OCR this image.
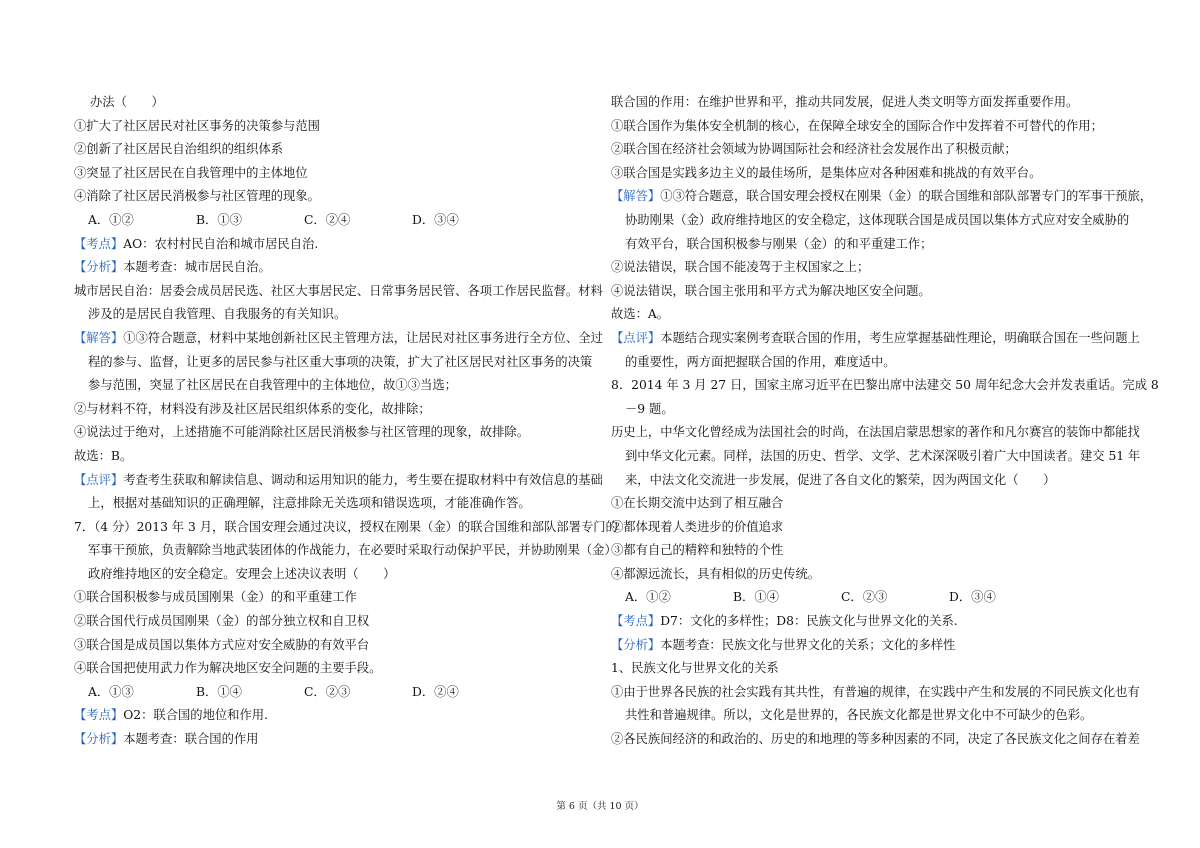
办法（　　）
①扩大了社区居民对社区事务的决策参与范围
②创新了社区居民自治组织的组织体系
③突显了社区居民在自我管理中的主体地位
④消除了社区居民消极参与社区管理的现象。
A．①②	B．①③	C．②④	D．③④
【考点】AO：农村村民自治和城市居民自治.
【分析】本题考查：城市居民自治。
城市居民自治：居委会成员居民选、社区大事居民定、日常事务居民管、各项工作居民监督。材料
涉及的是居民自我管理、自我服务的有关知识。
【解答】①③符合题意，材料中某地创新社区民主管理方法，让居民对社区事务进行全方位、全过
程的参与、监督，让更多的居民参与社区重大事项的决策，扩大了社区居民对社区事务的决策
参与范围，突显了社区居民在自我管理中的主体地位，故①③当选；
②与材料不符，材料没有涉及社区居民组织体系的变化，故排除；
④说法过于绝对，上述措施不可能消除社区居民消极参与社区管理的现象，故排除。
故选：B。
【点评】考查考生获取和解读信息、调动和运用知识的能力，考生要在提取材料中有效信息的基础
上，根据对基础知识的正确理解，注意排除无关选项和错误选项，才能准确作答。
7．（4 分）2013 年 3 月，联合国安理会通过决议，授权在刚果（金）的联合国维和部队部署专门的
军事干预旅，负责解除当地武装团体的作战能力，在必要时采取行动保护平民，并协助刚果（金）
政府维持地区的安全稳定。安理会上述决议表明（　　）
①联合国积极参与成员国刚果（金）的和平重建工作
②联合国代行成员国刚果（金）的部分独立权和自卫权
③联合国是成员国以集体方式应对安全威胁的有效平台
④联合国把使用武力作为解决地区安全问题的主要手段。
A．①③	B．①④	C．②③	D．②④
【考点】O2：联合国的地位和作用.
【分析】本题考查：联合国的作用
联合国的作用：在维护世界和平，推动共同发展，促进人类文明等方面发挥重要作用。
①联合国作为集体安全机制的核心，在保障全球安全的国际合作中发挥着不可替代的作用；
②联合国在经济社会领域为协调国际社会和经济社会发展作出了积极贡献；
③联合国是实践多边主义的最佳场所，是集体应对各种困难和挑战的有效平台。
【解答】①③符合题意，联合国安理会授权在刚果（金）的联合国维和部队部署专门的军事干预旅，
协助刚果（金）政府维持地区的安全稳定，这体现联合国是成员国以集体方式应对安全威胁的
有效平台，联合国积极参与刚果（金）的和平重建工作；
②说法错误，联合国不能凌驾于主权国家之上；
④说法错误，联合国主张用和平方式为解决地区安全问题。
故选：A。
【点评】本题结合现实案例考查联合国的作用，考生应掌握基础性理论，明确联合国在一些问题上
的重要性，两方面把握联合国的作用，难度适中。
8．2014 年 3 月 27 日，国家主席习近平在巴黎出席中法建交 50 周年纪念大会并发表重话。完成 8
－9 题。
历史上，中华文化曾经成为法国社会的时尚，在法国启蒙思想家的著作和凡尔赛宫的装饰中都能找
到中华文化元素。同样，法国的历史、哲学、文学、艺术深深吸引着广大中国读者。建交 51 年
来，中法文化交流进一步发展，促进了各自文化的繁荣，因为两国文化（　　）
①在长期交流中达到了相互融合
②都体现着人类进步的价值追求
③都有自己的精粹和独特的个性
④都源远流长，具有相似的历史传统。
A．①②	B．①④	C．②③	D．③④
【考点】D7：文化的多样性；D8：民族文化与世界文化的关系.
【分析】本题考查：民族文化与世界文化的关系；文化的多样性
1、民族文化与世界文化的关系
①由于世界各民族的社会实践有其共性，有普遍的规律，在实践中产生和发展的不同民族文化也有
共性和普遍规律。所以，文化是世界的，各民族文化都是世界文化中不可缺少的色彩。
②各民族间经济的和政治的、历史的和地理的等多种因素的不同，决定了各民族文化之间存在着差
第 6 页（共 10 页）
